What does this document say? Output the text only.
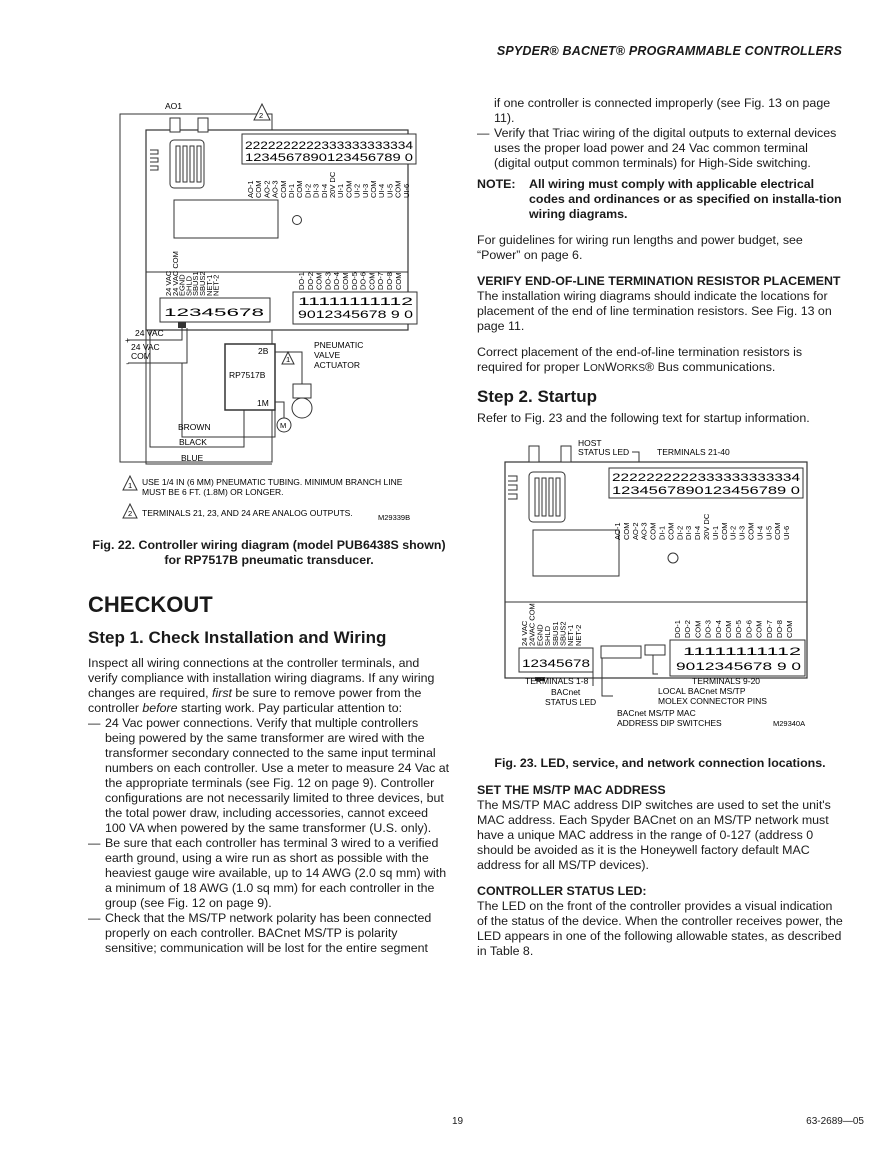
SPYDER® BACNET® PROGRAMMABLE CONTROLLERS
AO1
2
2222222222333333333334
1234567890123456789 0
AO-1 COM AO-2 AO-3 COM DI-1 COM DI-2 DI-3 DI-4 20V DC UI-1 COM UI-2 UI-3 COM UI-4 UI-5 COM UI-6
24 VAC
24 VAC COM
EGND
SHLD
SBUS1
SBUS2
NET-1
NET-2	DO-1 DO-2 COM DO-3 DO-4 COM DO-5 DO-6 COM DO-7 DO-8 COM
12345678
11111111112
9012345678 9 0
24 VAC
24 VAC
COM
+
-
RP7517B
2B
1M
1
M
PNEUMATIC
VALVE
ACTUATOR
BROWN
BLACK
BLUE
1 USE 1/4 IN (6 MM) PNEUMATIC TUBING. MINIMUM BRANCH LINE
MUST BE 6 FT. (1.8M) OR LONGER.
2 TERMINALS 21, 23, AND 24 ARE ANALOG OUTPUTS.	M29339B
Fig. 22. Controller wiring diagram (model PUB6438S shown) for RP7517B pneumatic transducer.
CHECKOUT
Step 1. Check Installation and Wiring

Inspect all wiring connections at the controller terminals, and verify compliance with installation wiring diagrams. If any wiring changes are required, first be sure to remove power from the controller before starting work. Pay particular attention to:

— 24 Vac power connections. Verify that multiple controllers being powered by the same transformer are wired with the transformer secondary connected to the same input terminal numbers on each controller. Use a meter to measure 24 Vac at the appropriate terminals (see Fig. 12 on page 9). Controller configurations are not necessarily limited to three devices, but the total power draw, including accessories, cannot exceed 100 VA when powered by the same transformer (U.S. only).
— Be sure that each controller has terminal 3 wired to a verified earth ground, using a wire run as short as possible with the heaviest gauge wire available, up to 14 AWG (2.0 sq mm) with a minimum of 18 AWG (1.0 sq mm) for each controller in the group (see Fig. 12 on page 9).
— Check that the MS/TP network polarity has been connected properly on each controller. BACnet MS/TP is polarity sensitive; communication will be lost for the entire segment

if one controller is connected improperly (see Fig. 13 on page 11).

— Verify that Triac wiring of the digital outputs to external devices uses the proper load power and 24 Vac common terminal (digital output common terminals) for High-Side switching.
NOTE:	All wiring must comply with applicable electrical codes and ordinances or as specified on installa-tion wiring diagrams.

For guidelines for wiring run lengths and power budget, see “Power” on page 6.

VERIFY END-OF-LINE TERMINATION RESISTOR PLACEMENT

The installation wiring diagrams should indicate the locations for placement of the end of line termination resistors. See Fig. 13 on page 11.

Correct placement of the end-of-line termination resistors is required for proper LONWORKS® Bus communications.

Step 2. Startup

Refer to Fig. 23 and the following text for startup information.

HOST
STATUS LED	TERMINALS 21-40
2222222222333333333334
1234567890123456789 0
AO-1 COM AO-2 AO-3 COM DI-1 COM DI-2 DI-3 DI-4 20V DC UI-1 COM UI-2 UI-3 COM UI-4 UI-5 COM UI-6
24 VAC
24VAC COM
EGND
SHLD
SBUS1
SBUS2
NET-1
NET-2	DO-1 DO-2 COM DO-3 DO-4 COM DO-5 DO-6 COM DO-7 DO-8 COM
12345678
11111111112
9012345678 9 0
TERMINALS 1-8
BACnet
STATUS LED
TERMINALS 9-20
LOCAL BACnet MS/TP
MOLEX CONNECTOR PINS
BACnet MS/TP MAC
ADDRESS DIP SWITCHES	M29340A
Fig. 23. LED, service, and network connection locations.
SET THE MS/TP MAC ADDRESS

The MS/TP MAC address DIP switches are used to set the unit's MAC address. Each Spyder BACnet on an MS/TP network must have a unique MAC address in the range of 0-127 (address 0 should be avoided as it is the Honeywell factory default MAC address for all MS/TP devices).

CONTROLLER STATUS LED:

The LED on the front of the controller provides a visual indication of the status of the device. When the controller receives power, the LED appears in one of the following allowable states, as described in Table 8.

19	63-2689—05
